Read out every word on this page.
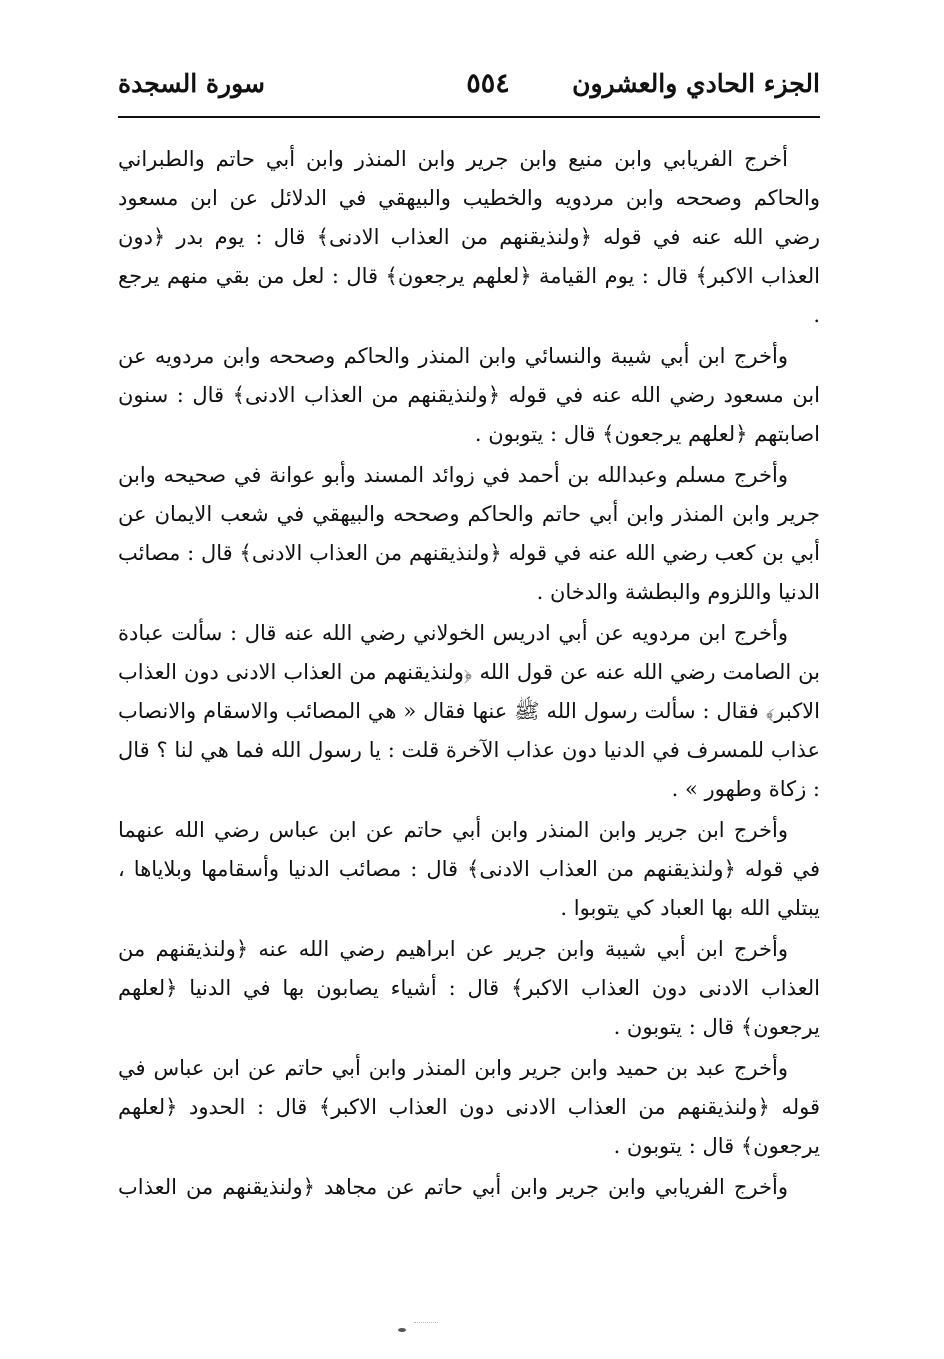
الجزء الحادي والعشرون
٥٥٤
سورة السجدة

أخرج الفريابي وابن منيع وابن جرير وابن المنذر وابن أبي حاتم والطبراني والحاكم وصححه وابن مردويه والخطيب والبيهقي في الدلائل عن ابن مسعود رضي الله عنه في قوله ﴿ولنذيقنهم من العذاب الادنى﴾ قال : يوم بدر ﴿دون العذاب الاكبر﴾ قال : يوم القيامة ﴿لعلهم يرجعون﴾ قال : لعل من بقي منهم يرجع .

وأخرج ابن أبي شيبة والنسائي وابن المنذر والحاكم وصححه وابن مردويه عن ابن مسعود رضي الله عنه في قوله ﴿ولنذيقنهم من العذاب الادنى﴾ قال : سنون اصابتهم ﴿لعلهم يرجعون﴾ قال : يتوبون .

وأخرج مسلم وعبدالله بن أحمد في زوائد المسند وأبو عوانة في صحيحه وابن جرير وابن المنذر وابن أبي حاتم والحاكم وصححه والبيهقي في شعب الايمان عن أبي بن كعب رضي الله عنه في قوله ﴿ولنذيقنهم من العذاب الادنى﴾ قال : مصائب الدنيا واللزوم والبطشة والدخان .

وأخرج ابن مردويه عن أبي ادريس الخولاني رضي الله عنه قال : سألت عبادة بن الصامت رضي الله عنه عن قول الله ﴿ولنذيقنهم من العذاب الادنى دون العذاب الاكبر﴾ فقال : سألت رسول الله ﷺ عنها فقال « هي المصائب والاسقام والانصاب عذاب للمسرف في الدنيا دون عذاب الآخرة قلت : يا رسول الله فما هي لنا ؟ قال : زكاة وطهور » .

وأخرج ابن جرير وابن المنذر وابن أبي حاتم عن ابن عباس رضي الله عنهما في قوله ﴿ولنذيقنهم من العذاب الادنى﴾ قال : مصائب الدنيا وأسقامها وبلاياها ، يبتلي الله بها العباد كي يتوبوا .

وأخرج ابن أبي شيبة وابن جرير عن ابراهيم رضي الله عنه ﴿ولنذيقنهم من العذاب الادنى دون العذاب الاكبر﴾ قال : أشياء يصابون بها في الدنيا ﴿لعلهم يرجعون﴾ قال : يتوبون .

وأخرج عبد بن حميد وابن جرير وابن المنذر وابن أبي حاتم عن ابن عباس في قوله ﴿ولنذيقنهم من العذاب الادنى دون العذاب الاكبر﴾ قال : الحدود ﴿لعلهم يرجعون﴾ قال : يتوبون .

وأخرج الفريابي وابن جرير وابن أبي حاتم عن مجاهد ﴿ولنذيقنهم من العذاب
